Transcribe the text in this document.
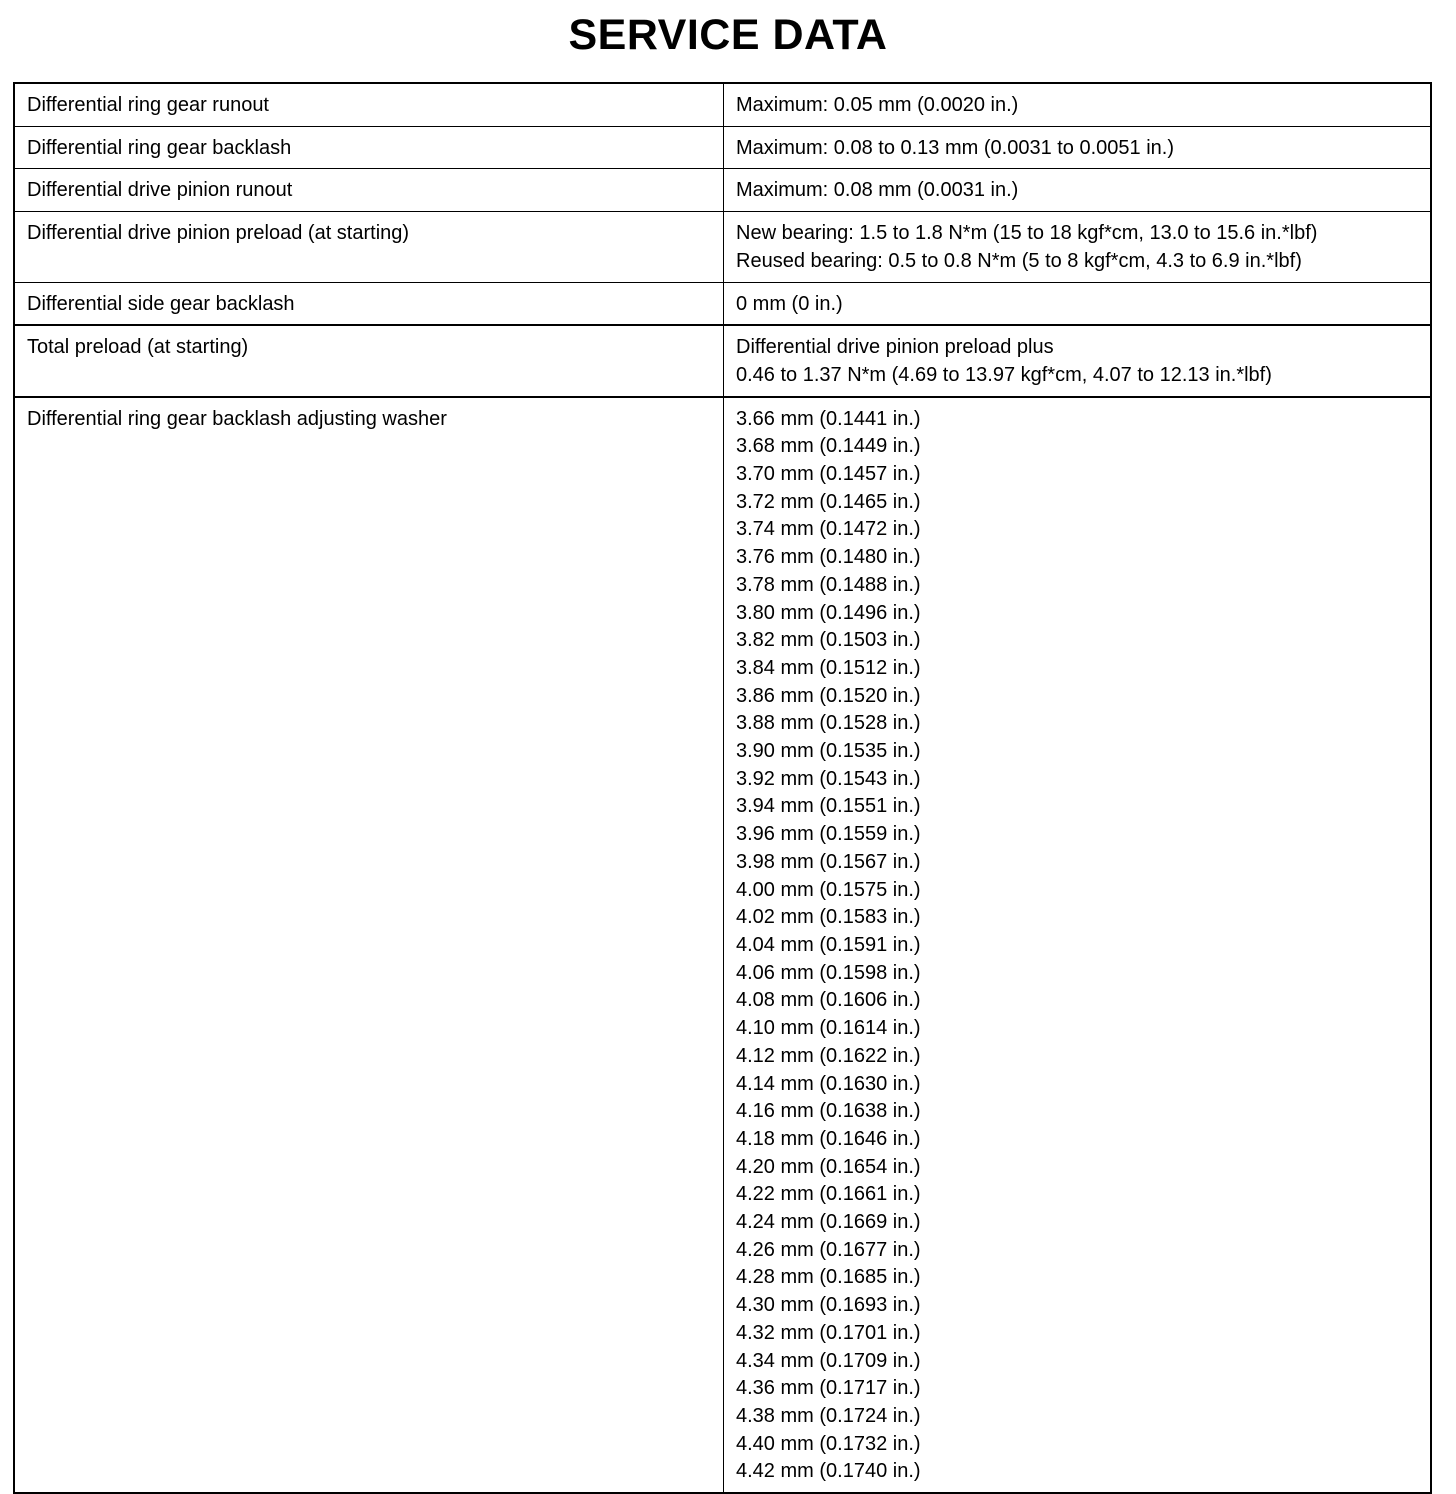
SERVICE DATA
Differential ring gear runout	Maximum: 0.05 mm (0.0020 in.)
Differential ring gear backlash	Maximum: 0.08 to 0.13 mm (0.0031 to 0.0051 in.)
Differential drive pinion runout	Maximum: 0.08 mm (0.0031 in.)
Differential drive pinion preload (at starting)	New bearing: 1.5 to 1.8 N*m (15 to 18 kgf*cm, 13.0 to 15.6 in.*lbf)
Reused bearing: 0.5 to 0.8 N*m (5 to 8 kgf*cm, 4.3 to 6.9 in.*lbf)
Differential side gear backlash	0 mm (0 in.)
Total preload (at starting)	Differential drive pinion preload plus
0.46 to 1.37 N*m (4.69 to 13.97 kgf*cm, 4.07 to 12.13 in.*lbf)
Differential ring gear backlash adjusting washer	3.66 mm (0.1441 in.)
3.68 mm (0.1449 in.)
3.70 mm (0.1457 in.)
3.72 mm (0.1465 in.)
3.74 mm (0.1472 in.)
3.76 mm (0.1480 in.)
3.78 mm (0.1488 in.)
3.80 mm (0.1496 in.)
3.82 mm (0.1503 in.)
3.84 mm (0.1512 in.)
3.86 mm (0.1520 in.)
3.88 mm (0.1528 in.)
3.90 mm (0.1535 in.)
3.92 mm (0.1543 in.)
3.94 mm (0.1551 in.)
3.96 mm (0.1559 in.)
3.98 mm (0.1567 in.)
4.00 mm (0.1575 in.)
4.02 mm (0.1583 in.)
4.04 mm (0.1591 in.)
4.06 mm (0.1598 in.)
4.08 mm (0.1606 in.)
4.10 mm (0.1614 in.)
4.12 mm (0.1622 in.)
4.14 mm (0.1630 in.)
4.16 mm (0.1638 in.)
4.18 mm (0.1646 in.)
4.20 mm (0.1654 in.)
4.22 mm (0.1661 in.)
4.24 mm (0.1669 in.)
4.26 mm (0.1677 in.)
4.28 mm (0.1685 in.)
4.30 mm (0.1693 in.)
4.32 mm (0.1701 in.)
4.34 mm (0.1709 in.)
4.36 mm (0.1717 in.)
4.38 mm (0.1724 in.)
4.40 mm (0.1732 in.)
4.42 mm (0.1740 in.)
